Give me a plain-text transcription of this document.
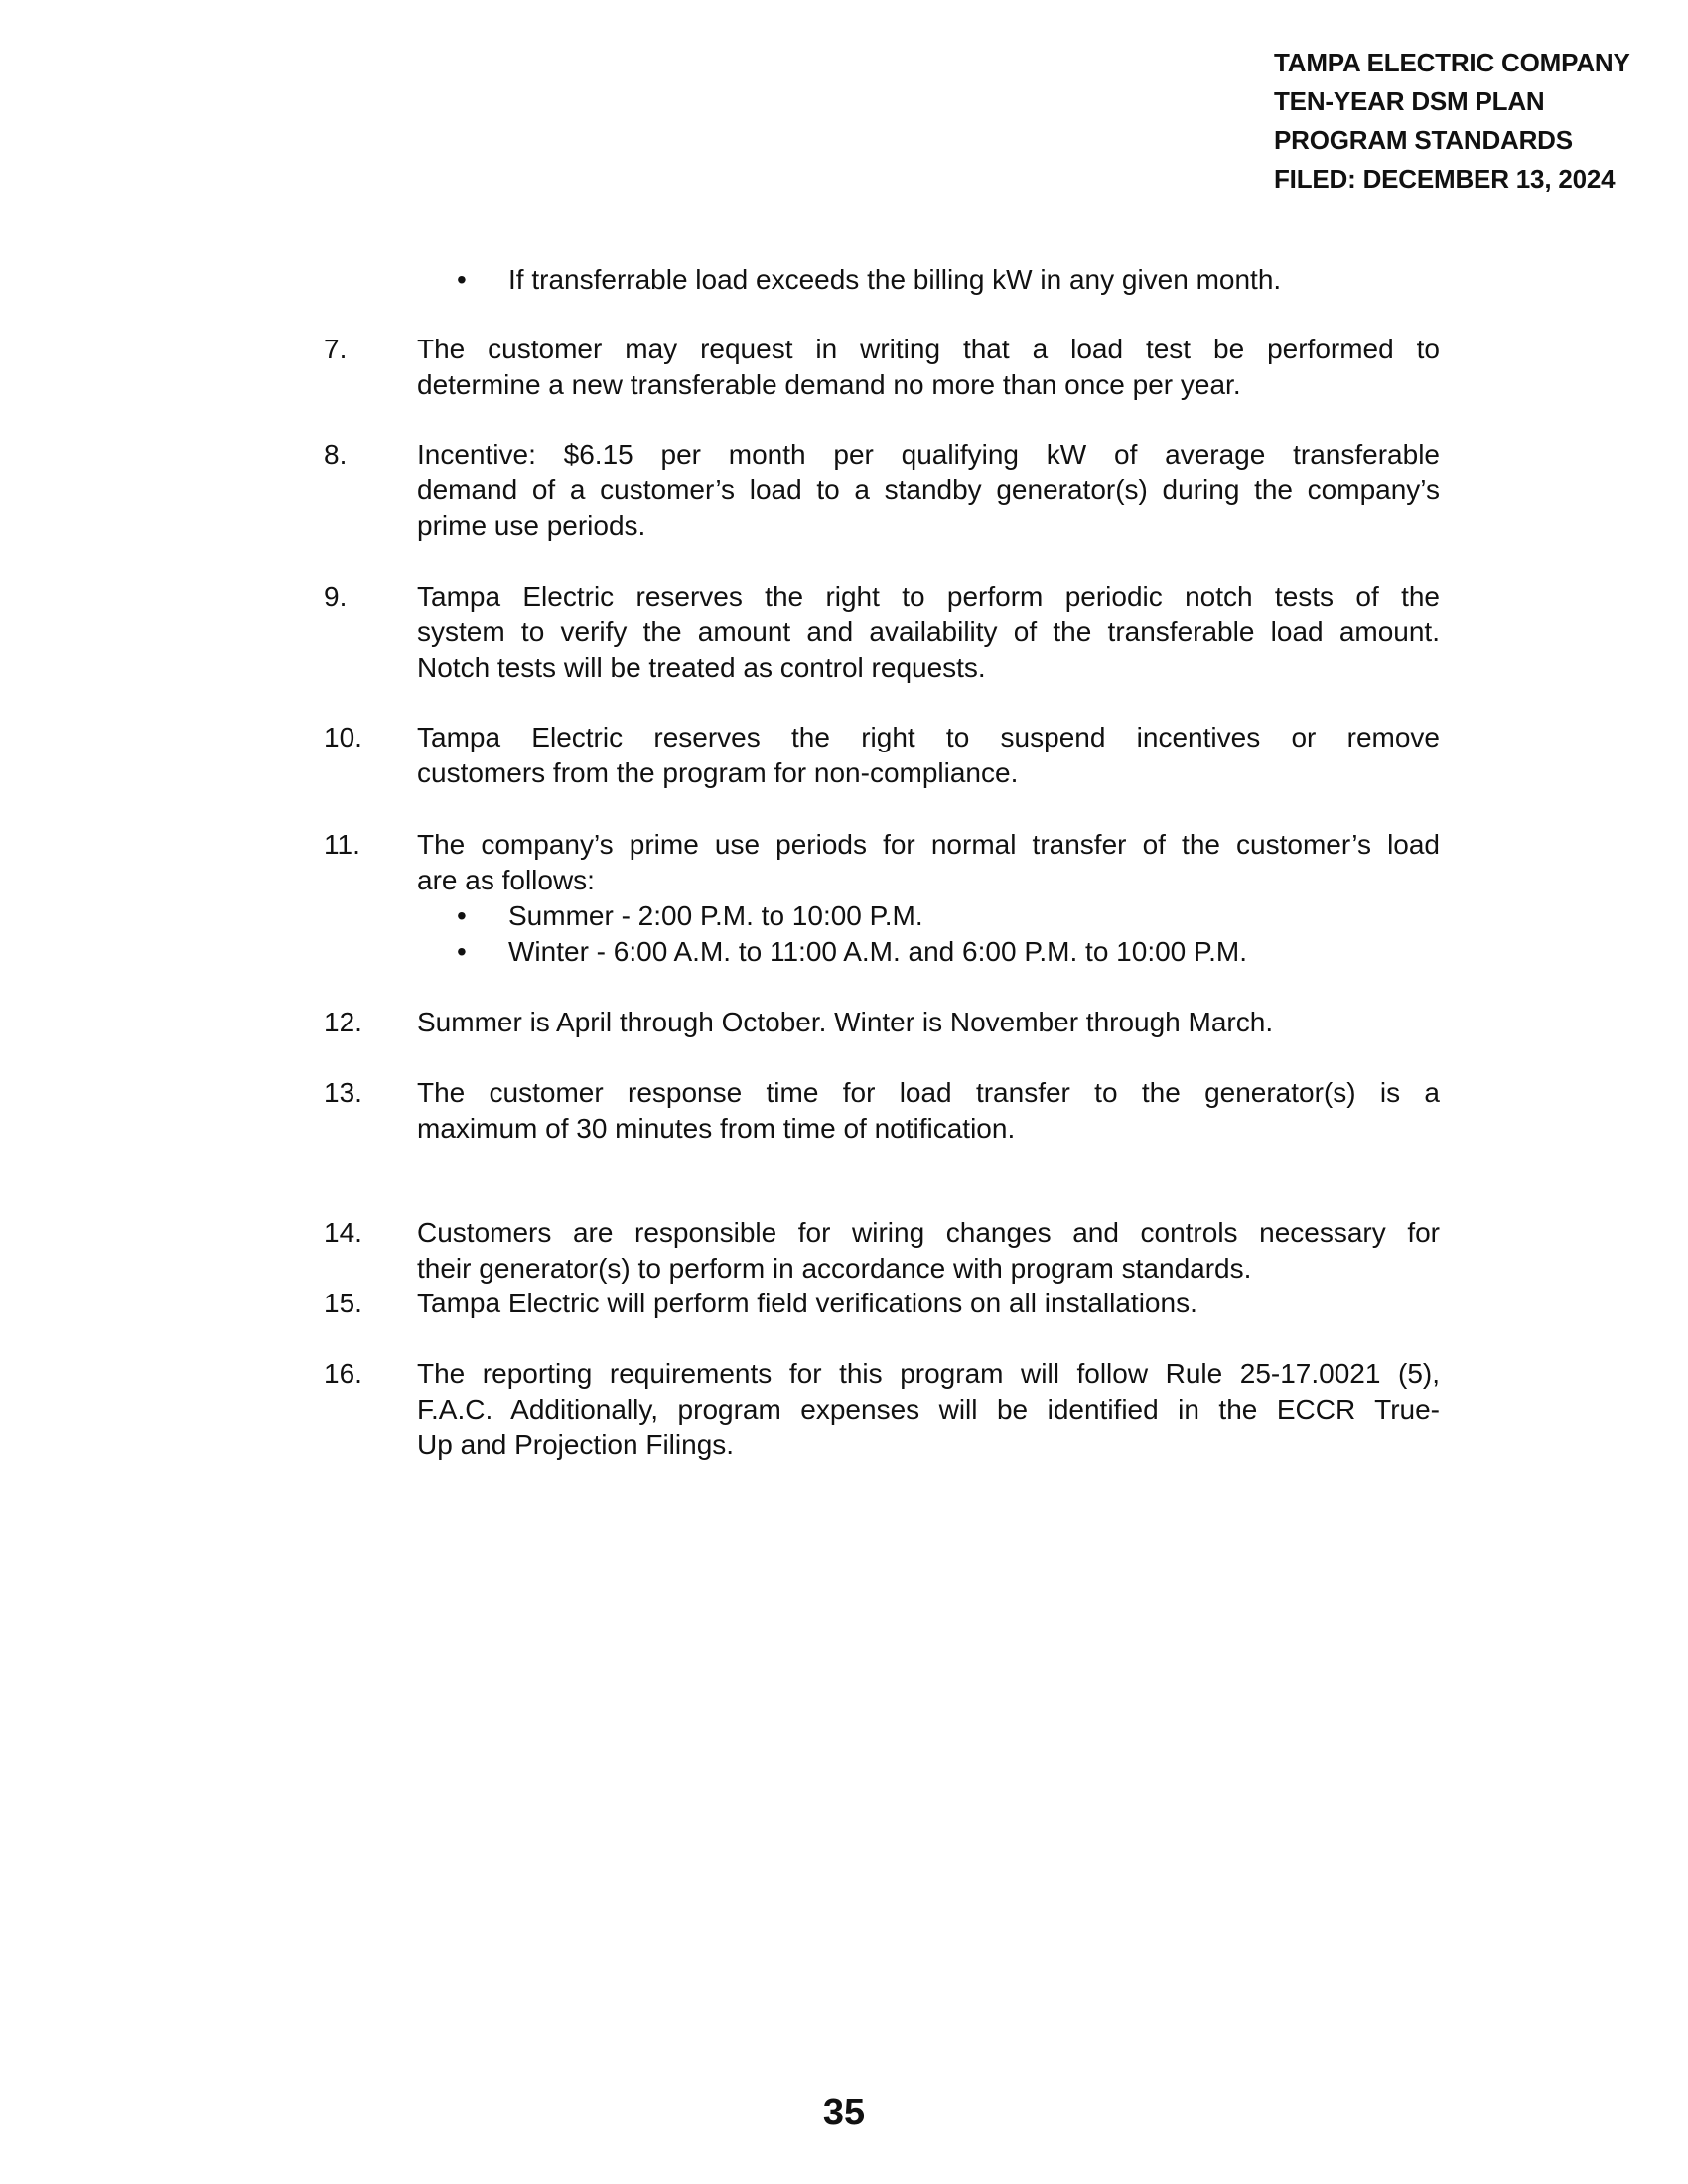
TAMPA ELECTRIC COMPANY
TEN-YEAR DSM PLAN
PROGRAM STANDARDS
FILED: DECEMBER 13, 2024
•	If transferrable load exceeds the billing kW in any given month.
7.	The customer may request in writing that a load test be performed to
determine a new transferable demand no more than once per year.
8.	Incentive: $6.15 per month per qualifying kW of average transferable
demand of a customer’s load to a standby generator(s) during the company’s
prime use periods.
9.	Tampa Electric reserves the right to perform periodic notch tests of the
system to verify the amount and availability of the transferable load amount.
Notch tests will be treated as control requests.
10.	Tampa Electric reserves the right to suspend incentives or remove
customers from the program for non-compliance.
11.	The company’s prime use periods for normal transfer of the customer’s load
are as follows:
• Summer - 2:00 P.M. to 10:00 P.M.
• Winter - 6:00 A.M. to 11:00 A.M. and 6:00 P.M. to 10:00 P.M.
12.	Summer is April through October. Winter is November through March.
13.	The customer response time for load transfer to the generator(s) is a
maximum of 30 minutes from time of notification.
14.	Customers are responsible for wiring changes and controls necessary for
their generator(s) to perform in accordance with program standards.
15.	Tampa Electric will perform field verifications on all installations.
16.	The reporting requirements for this program will follow Rule 25-17.0021 (5),
F.A.C. Additionally, program expenses will be identified in the ECCR True-
Up and Projection Filings.
35
